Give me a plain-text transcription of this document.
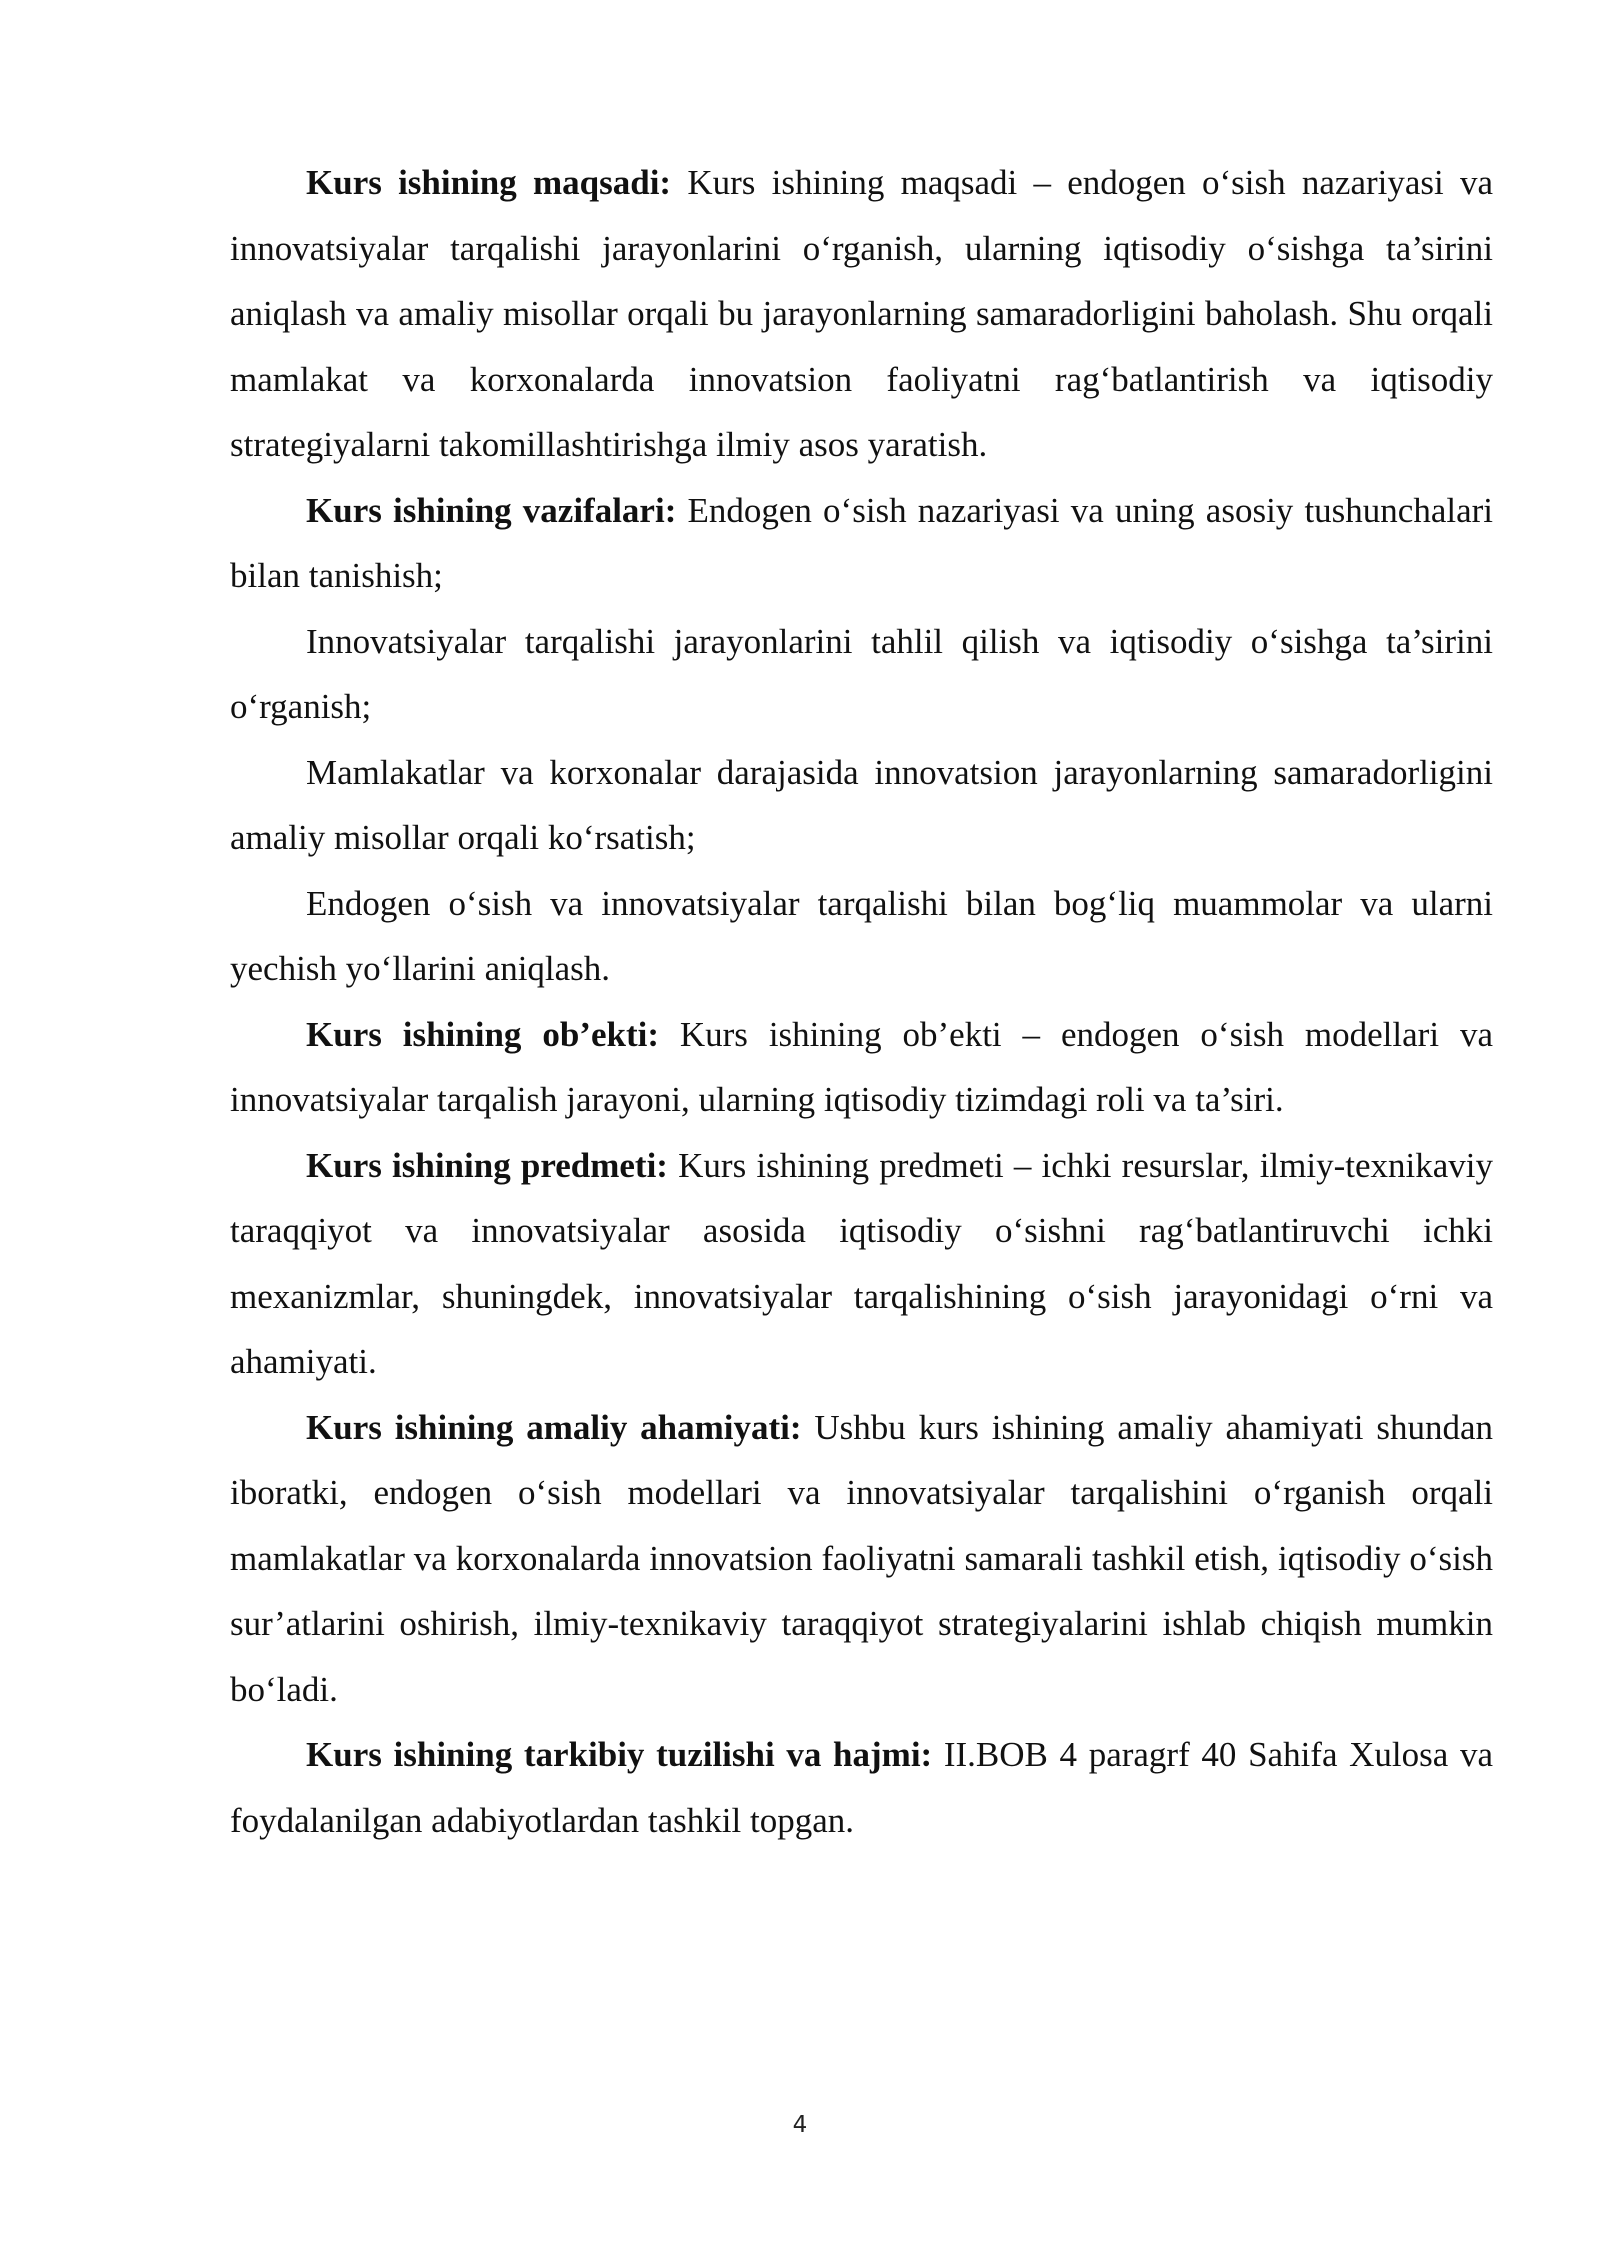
Kurs ishining maqsadi: Kurs ishining maqsadi – endogen o‘sish nazariyasi va innovatsiyalar tarqalishi jarayonlarini o‘rganish, ularning iqtisodiy o‘sishga ta’sirini aniqlash va amaliy misollar orqali bu jarayonlarning samaradorligini baholash. Shu orqali mamlakat va korxonalarda innovatsion faoliyatni rag‘batlantirish va iqtisodiy strategiyalarni takomillashtirishga ilmiy asos yaratish.

Kurs ishining vazifalari: Endogen o‘sish nazariyasi va uning asosiy tushunchalari bilan tanishish;

Innovatsiyalar tarqalishi jarayonlarini tahlil qilish va iqtisodiy o‘sishga ta’sirini o‘rganish;

Mamlakatlar va korxonalar darajasida innovatsion jarayonlarning samaradorligini amaliy misollar orqali ko‘rsatish;

Endogen o‘sish va innovatsiyalar tarqalishi bilan bog‘liq muammolar va ularni yechish yo‘llarini aniqlash.

Kurs ishining ob’ekti: Kurs ishining ob’ekti – endogen o‘sish modellari va innovatsiyalar tarqalish jarayoni, ularning iqtisodiy tizimdagi roli va ta’siri.

Kurs ishining predmeti: Kurs ishining predmeti – ichki resurslar, ilmiy-texnikaviy taraqqiyot va innovatsiyalar asosida iqtisodiy o‘sishni rag‘batlantiruvchi ichki mexanizmlar, shuningdek, innovatsiyalar tarqalishining o‘sish jarayonidagi o‘rni va ahamiyati.

Kurs ishining amaliy ahamiyati: Ushbu kurs ishining amaliy ahamiyati shundan iboratki, endogen o‘sish modellari va innovatsiyalar tarqalishini o‘rganish orqali mamlakatlar va korxonalarda innovatsion faoliyatni samarali tashkil etish, iqtisodiy o‘sish sur’atlarini oshirish, ilmiy-texnikaviy taraqqiyot strategiyalarini ishlab chiqish mumkin bo‘ladi.

Kurs ishining tarkibiy tuzilishi va hajmi: II.BOB 4 paragrf 40 Sahifa Xulosa va foydalanilgan adabiyotlardan tashkil topgan.

4
